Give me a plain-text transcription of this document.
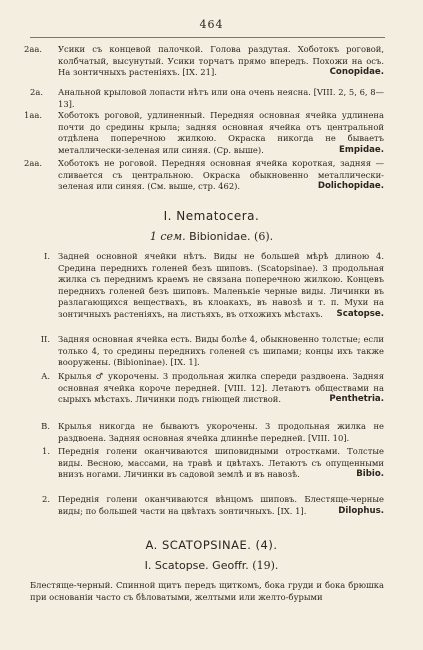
464
2aa.	Усики съ концевой палочкой. Голова раздутая. Хоботокъ роговой, колбчатый, высунутый. Усики торчатъ прямо впередъ. Похожи на осъ. На зонтичныхъ растеніяхъ. [IX. 21].	Conopidae.
2a.	Анальной крыловой лопасти нѣтъ или она очень неясна. [VIII. 2, 5, 6, 8—13].
1aa.	Хоботокъ роговой, удлиненный. Передняя основная ячейка удлинена почти до средины крыла; задняя основная ячейка отъ центральной отдѣлена поперечною жилкою. Окраска никогда не бываетъ металлически-зеленая или синяя. (Ср. выше).	Empidae.
2aa.	Хоботокъ не роговой. Передняя основная ячейка короткая, задняя — сливается съ центральною. Окраска обыкновенно металлически-зеленая или синяя. (См. выше, стр. 462).	Dolichopidae.
I. Nematocera.
1 сем. Bibionidae. (6).
I. Задней основной ячейки нѣтъ. Виды не большей мѣрѣ длиною 4. Средина переднихъ голеней безъ шиповъ. (Scatopsinae). 3 продольная жилка съ переднимъ краемъ не связана поперечною жилкою. Концевъ переднихъ голеней безъ шиповъ. Маленькіе черные виды. Личинки въ разлагающихся веществахъ, въ клоакахъ, въ навозѣ и т. п. Мухи на зонтичныхъ растеніяхъ, на листьяхъ, въ отхожихъ мѣстахъ. Scatopse.
II. Задняя основная ячейка есть. Виды болѣе 4, обыкновенно толстые; если только 4, то средины переднихъ голеней съ шипами; концы ихъ также вооружены. (Bibioninae). [IX. 1].
A. Крылья ♂ укорочены. 3 продольная жилка спереди раздвоена. Задняя основная ячейка короче передней. [VIII. 12]. Летаютъ обществами на сырыхъ мѣстахъ. Личинки подъ гніющей листвой.	Penthetria.
B. Крылья никогда не бываютъ укорочены. 3 продольная жилка не раздвоена. Задняя основная ячейка длиннѣе передней. [VIII. 10].
1. Переднія голени оканчиваются шиповидными отростками. Толстые виды. Весною, массами, на травѣ и цвѣтахъ. Летаютъ съ опущенными внизъ ногами. Личинки въ садовой землѣ и въ навозѣ.	Bibio.
2. Переднія голени оканчиваются вѣнцомъ шиповъ. Блестяще-черные виды; по большей части на цвѣтахъ зонтичныхъ. [IX. 1].	Dilophus.
A. SCATOPSINAE. (4).
I. Scatopse. Geoffr. (19).
Блестяще-черный. Спинной щитъ передъ щиткомъ, бока груди и бока брюшка при основаніи часто съ бѣловатыми, желтыми или желто-бурыми
